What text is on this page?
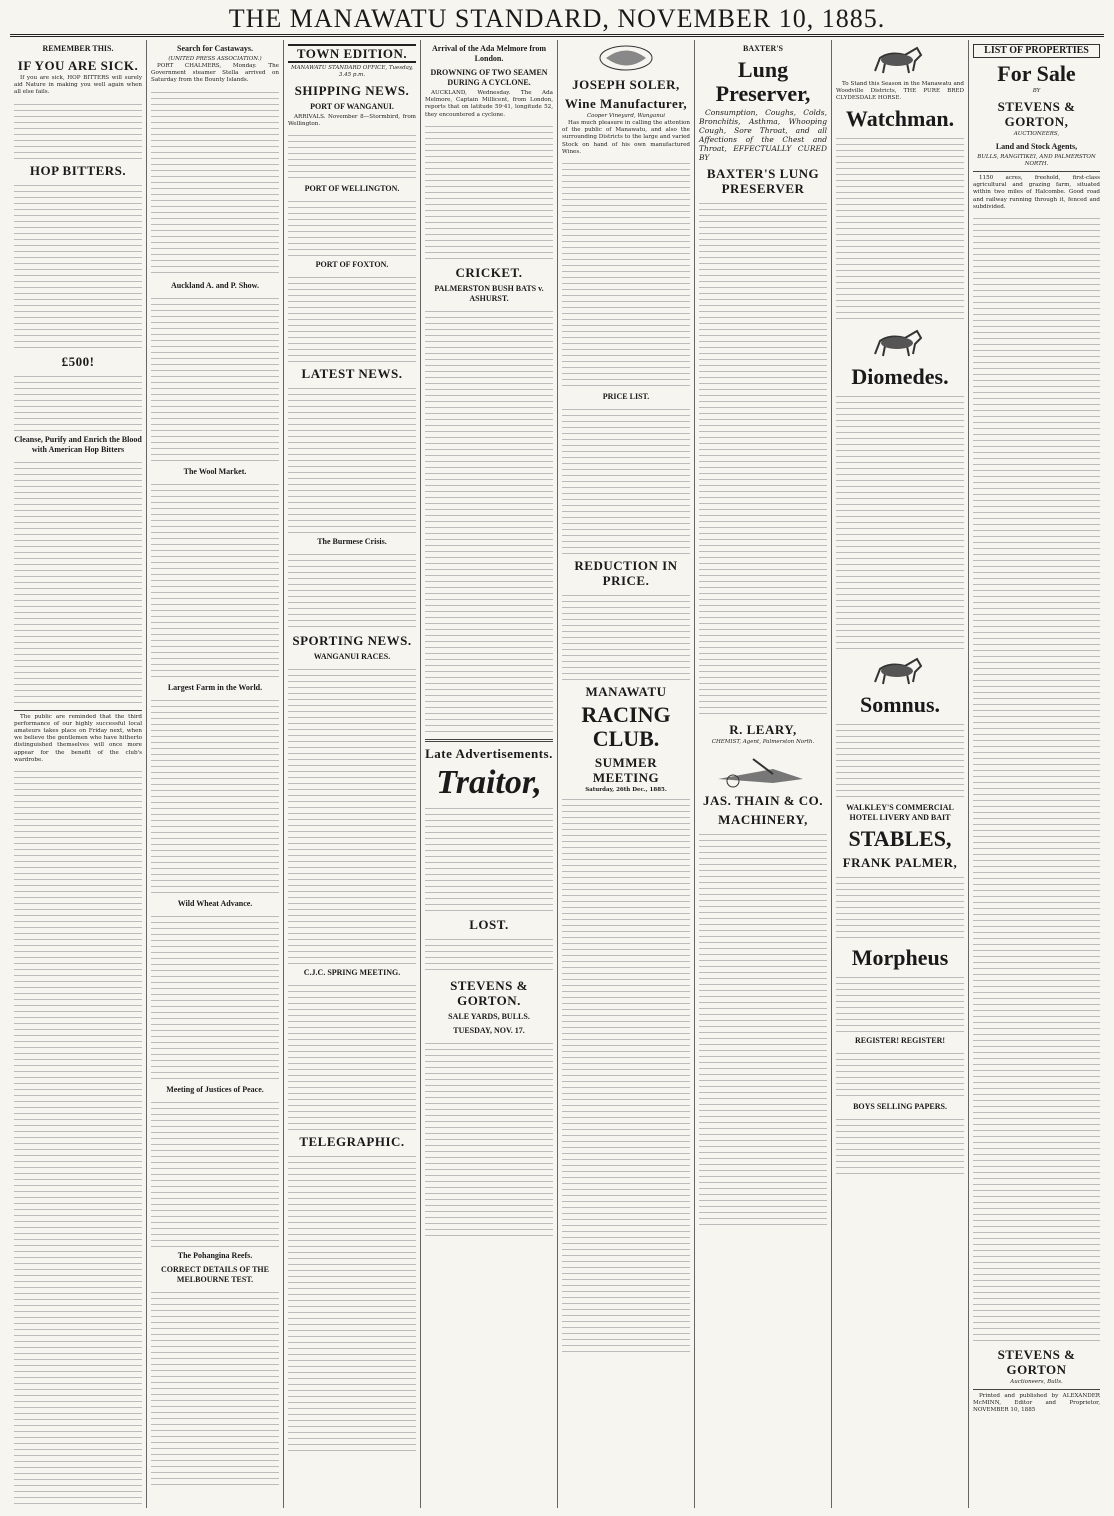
THE MANAWATU STANDARD, NOVEMBER 10, 1885.
REMEMBER THIS.
IF YOU ARE SICK.

If you are sick, HOP BITTERS will surely aid Nature in making you well again when all else fails.

HOP BITTERS.
£500!
Cleanse, Purify and Enrich the Blood with American Hop Bitters

The public are reminded that the third performance of our highly successful local amateurs takes place on Friday next, when we believe the gentlemen who have hitherto distinguished themselves will once more appear for the benefit of the club's wardrobe.

Search for Castaways.
(UNITED PRESS ASSOCIATION.)

PORT CHALMERS, Monday. The Government steamer Stella arrived on Saturday from the Bounty Islands.

Auckland A. and P. Show.
The Wool Market.
Largest Farm in the World.
Wild Wheat Advance.
Meeting of Justices of Peace.
The Pohangina Reefs.
CORRECT DETAILS OF THE MELBOURNE TEST.
TOWN EDITION.
MANAWATU STANDARD OFFICE, Tuesday, 3.45 p.m.
SHIPPING NEWS.
PORT OF WANGANUI.

ARRIVALS. November 8—Stormbird, from Wellington.

PORT OF WELLINGTON.
PORT OF FOXTON.
LATEST NEWS.
The Burmese Crisis.
SPORTING NEWS.
WANGANUI RACES.
C.J.C. SPRING MEETING.
TELEGRAPHIC.
Arrival of the Ada Melmore from London.
DROWNING OF TWO SEAMEN DURING A CYCLONE.

AUCKLAND, Wednesday. The Ada Melmore, Captain Millicent, from London, reports that on latitude 59·41, longitude 52, they encountered a cyclone.

CRICKET.
PALMERSTON BUSH BATS v. ASHURST.
Late Advertisements.
Traitor,
LOST.
STEVENS & GORTON.
SALE YARDS, BULLS.
TUESDAY, NOV. 17.
JOSEPH SOLER,
Wine Manufacturer,
Cooper Vineyard, Wanganui

Has much pleasure in calling the attention of the public of Manawatu, and also the surrounding Districts to the large and varied Stock on hand of his own manufactured Wines.

PRICE LIST.
REDUCTION IN PRICE.
MANAWATU
RACING CLUB.
SUMMER MEETING
Saturday, 26th Dec., 1885.
BAXTER'S
Lung Preserver,

Consumption, Coughs, Colds, Bronchitis, Asthma, Whooping Cough, Sore Throat, and all Affections of the Chest and Throat, EFFECTUALLY CURED BY

BAXTER'S LUNG PRESERVER
R. LEARY,
CHEMIST, Agent, Palmerston North.
JAS. THAIN & CO.
MACHINERY,

To Stand this Season in the Manawatu and Woodville Districts, THE PURE BRED CLYDESDALE HORSE.

Watchman.
Diomedes.
Somnus.
WALKLEY'S COMMERCIAL HOTEL LIVERY AND BAIT
STABLES,
FRANK PALMER,
Morpheus
REGISTER! REGISTER!
BOYS SELLING PAPERS.
LIST OF PROPERTIES
For Sale
BY
STEVENS & GORTON,
AUCTIONEERS,
Land and Stock Agents,
BULLS, RANGITIKEI, AND PALMERSTON NORTH.

1150 acres, freehold, first-class agricultural and grazing farm, situated within two miles of Halcombe. Good road and railway running through it, fenced and subdivided.

STEVENS & GORTON
Auctioneers, Bulls.

Printed and published by ALEXANDER McMINN, Editor and Proprietor, NOVEMBER 10, 1885
